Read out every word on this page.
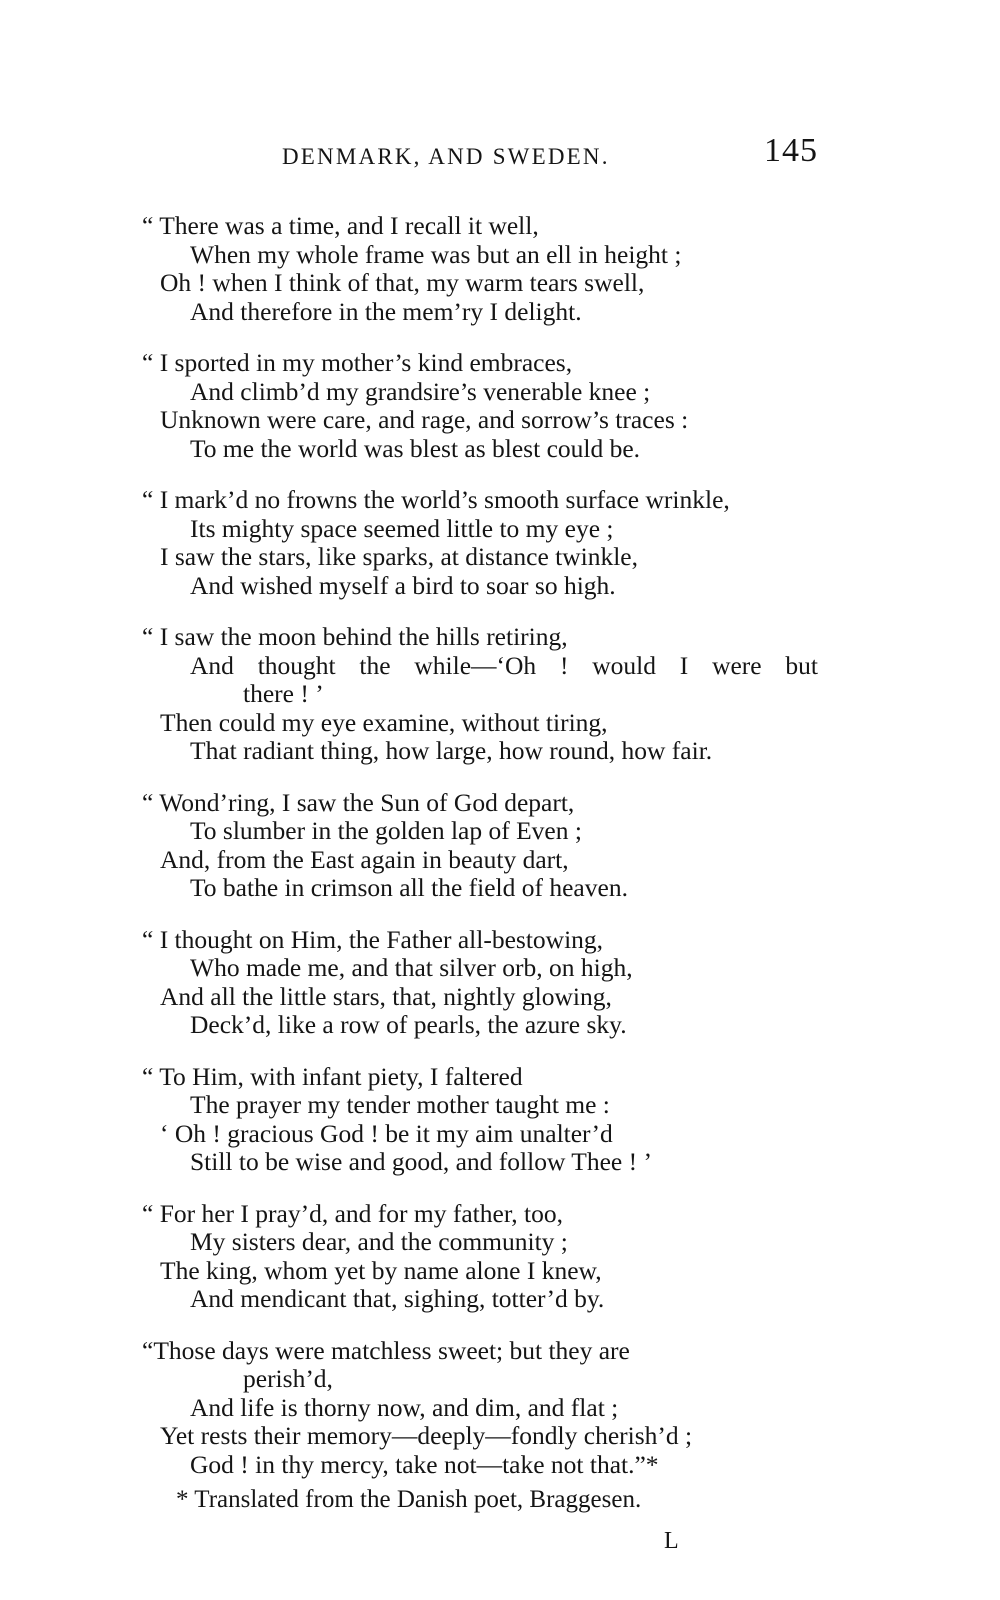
DENMARK, AND SWEDEN.	145
“ There was a time, and I recall it well,
When my whole frame was but an ell in height ;
Oh ! when I think of that, my warm tears swell,
And therefore in the mem’ry I delight.
“ I sported in my mother’s kind embraces,
And climb’d my grandsire’s venerable knee ;
Unknown were care, and rage, and sorrow’s traces :
To me the world was blest as blest could be.
“ I mark’d no frowns the world’s smooth surface wrinkle,
Its mighty space seemed little to my eye ;
I saw the stars, like sparks, at distance twinkle,
And wished myself a bird to soar so high.
“ I saw the moon behind the hills retiring,
And thought the while—‘Oh ! would I were but
there ! ’
Then could my eye examine, without tiring,
That radiant thing, how large, how round, how fair.
“ Wond’ring, I saw the Sun of God depart,
To slumber in the golden lap of Even ;
And, from the East again in beauty dart,
To bathe in crimson all the field of heaven.
“ I thought on Him, the Father all-bestowing,
Who made me, and that silver orb, on high,
And all the little stars, that, nightly glowing,
Deck’d, like a row of pearls, the azure sky.
“ To Him, with infant piety, I faltered
The prayer my tender mother taught me :
‘ Oh ! gracious God ! be it my aim unalter’d
Still to be wise and good, and follow Thee ! ’
“ For her I pray’d, and for my father, too,
My sisters dear, and the community ;
The king, whom yet by name alone I knew,
And mendicant that, sighing, totter’d by.
“Those days were matchless sweet; but they are
perish’d,
And life is thorny now, and dim, and flat ;
Yet rests their memory—deeply—fondly cherish’d ;
God ! in thy mercy, take not—take not that.”*
* Translated from the Danish poet, Braggesen.
L
